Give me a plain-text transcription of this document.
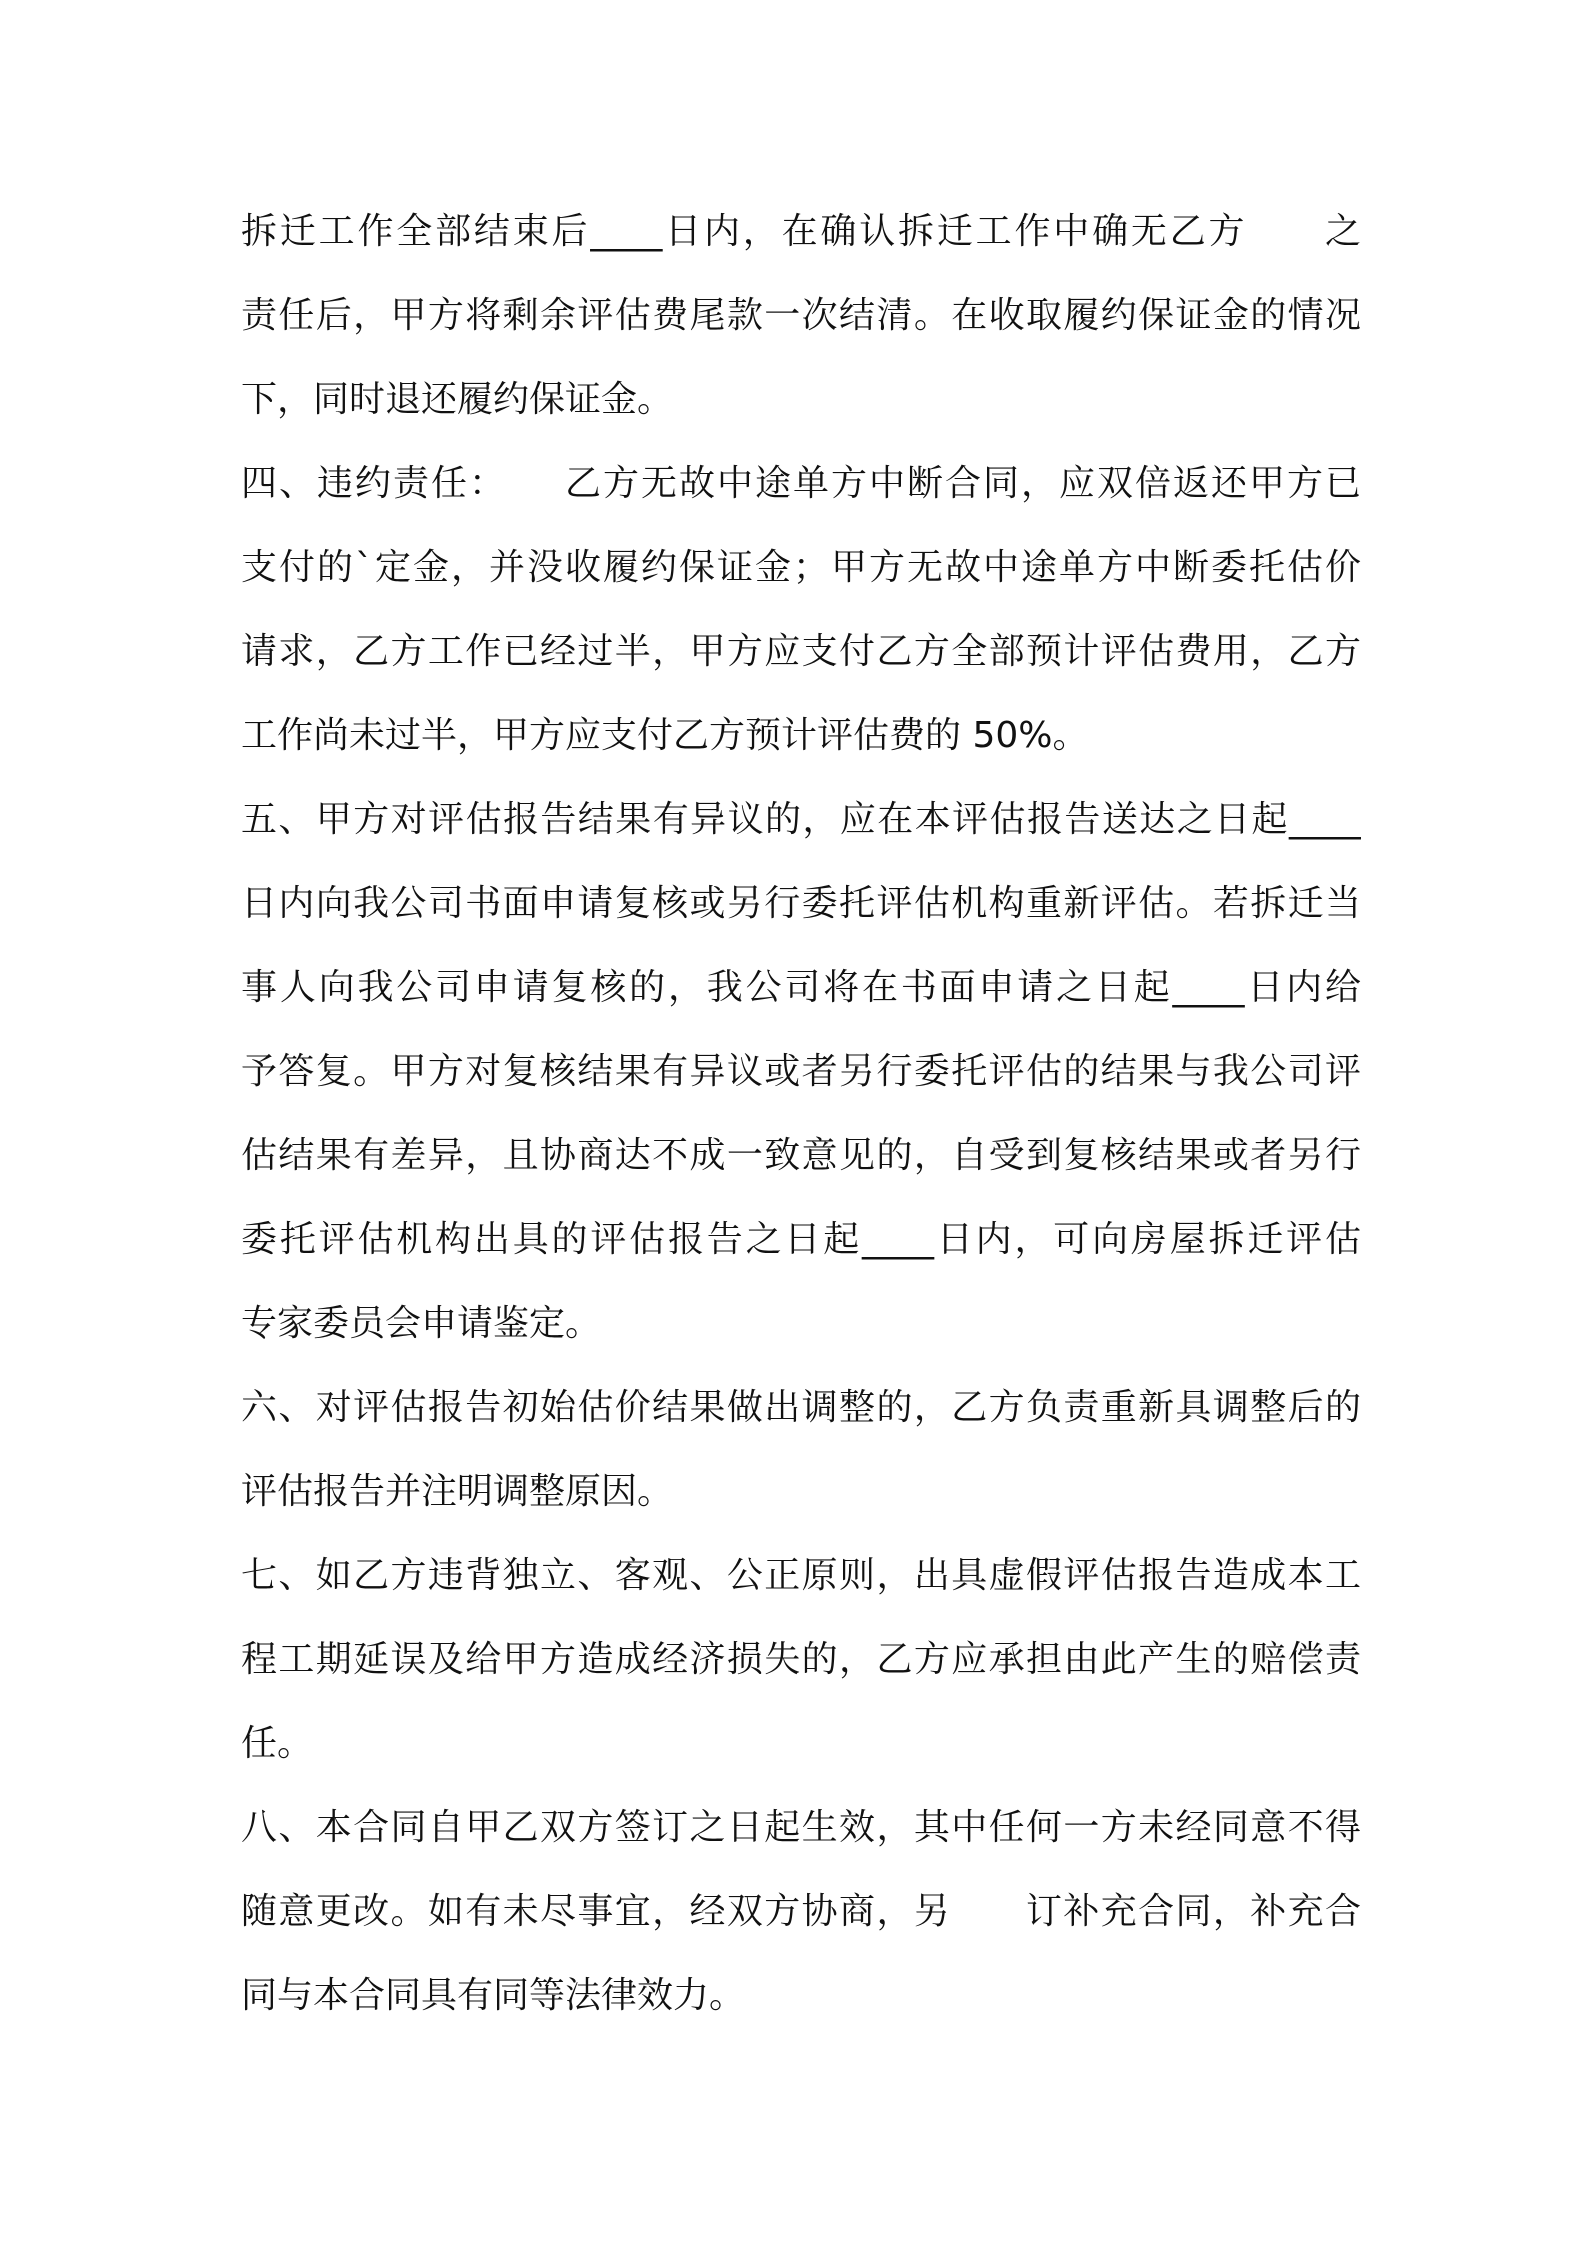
拆迁工作全部结束后____日内，在确认拆迁工作中确无乙方　　之
责任后，甲方将剩余评估费尾款一次结清。在收取履约保证金的情况
下，同时退还履约保证金。
四、违约责任：　　乙方无故中途单方中断合同，应双倍返还甲方已
支付的`定金，并没收履约保证金；甲方无故中途单方中断委托估价
请求，乙方工作已经过半，甲方应支付乙方全部预计评估费用，乙方
工作尚未过半，甲方应支付乙方预计评估费的 50%。
五、甲方对评估报告结果有异议的，应在本评估报告送达之日起____
日内向我公司书面申请复核或另行委托评估机构重新评估。若拆迁当
事人向我公司申请复核的，我公司将在书面申请之日起____日内给
予答复。甲方对复核结果有异议或者另行委托评估的结果与我公司评
估结果有差异，且协商达不成一致意见的，自受到复核结果或者另行
委托评估机构出具的评估报告之日起____日内，可向房屋拆迁评估
专家委员会申请鉴定。
六、对评估报告初始估价结果做出调整的，乙方负责重新具调整后的
评估报告并注明调整原因。
七、如乙方违背独立、客观、公正原则，出具虚假评估报告造成本工
程工期延误及给甲方造成经济损失的，乙方应承担由此产生的赔偿责
任。
八、本合同自甲乙双方签订之日起生效，其中任何一方未经同意不得
随意更改。如有未尽事宜，经双方协商，另　　订补充合同，补充合
同与本合同具有同等法律效力。
